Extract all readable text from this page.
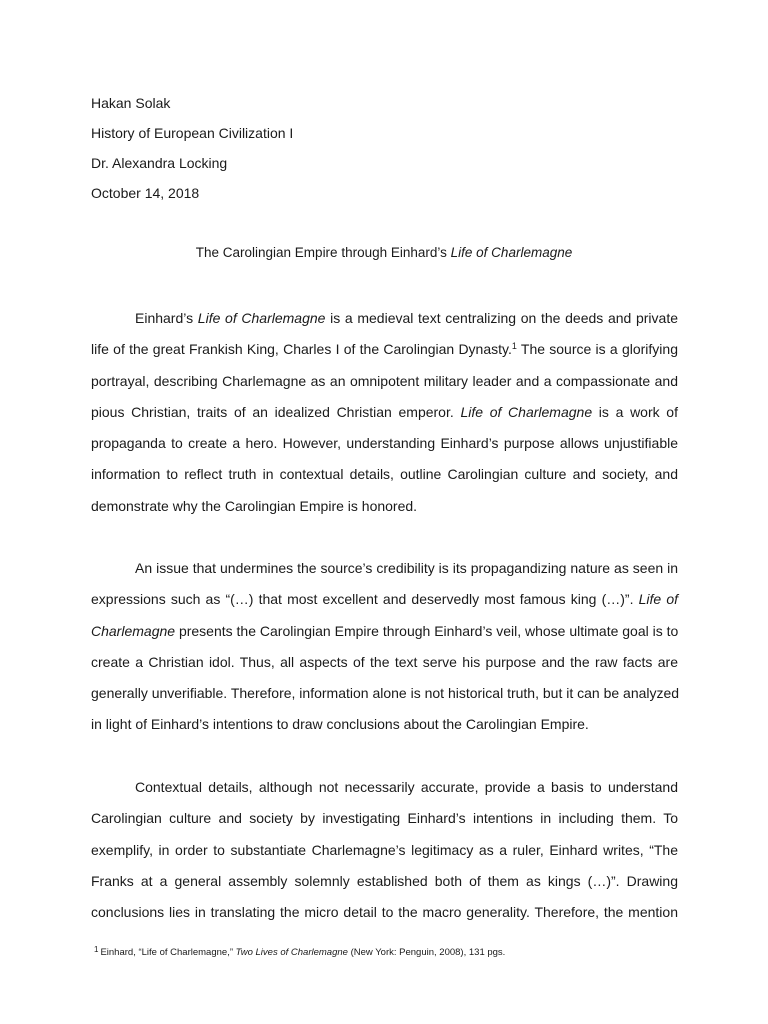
Hakan Solak
History of European Civilization I
Dr. Alexandra Locking
October 14, 2018
The Carolingian Empire through Einhard’s Life of Charlemagne
Einhard’s Life of Charlemagne is a medieval text centralizing on the deeds and private
life of the great Frankish King, Charles I of the Carolingian Dynasty.$^1$ The source is a glorifying
portrayal, describing Charlemagne as an omnipotent military leader and a compassionate and
pious Christian, traits of an idealized Christian emperor. Life of Charlemagne is a work of
propaganda to create a hero. However, understanding Einhard’s purpose allows unjustifiable
information to reflect truth in contextual details, outline Carolingian culture and society, and
demonstrate why the Carolingian Empire is honored.
An issue that undermines the source’s credibility is its propagandizing nature as seen in
expressions such as “(…) that most excellent and deservedly most famous king (…)”. Life of
Charlemagne presents the Carolingian Empire through Einhard’s veil, whose ultimate goal is to
create a Christian idol. Thus, all aspects of the text serve his purpose and the raw facts are
generally unverifiable. Therefore, information alone is not historical truth, but it can be analyzed
in light of Einhard’s intentions to draw conclusions about the Carolingian Empire.
Contextual details, although not necessarily accurate, provide a basis to understand
Carolingian culture and society by investigating Einhard’s intentions in including them. To
exemplify, in order to substantiate Charlemagne’s legitimacy as a ruler, Einhard writes, “The
Franks at a general assembly solemnly established both of them as kings (…)”. Drawing
conclusions lies in translating the micro detail to the macro generality. Therefore, the mention
$^1$ Einhard, “Life of Charlemagne,” Two Lives of Charlemagne (New York: Penguin, 2008), 131 pgs.
